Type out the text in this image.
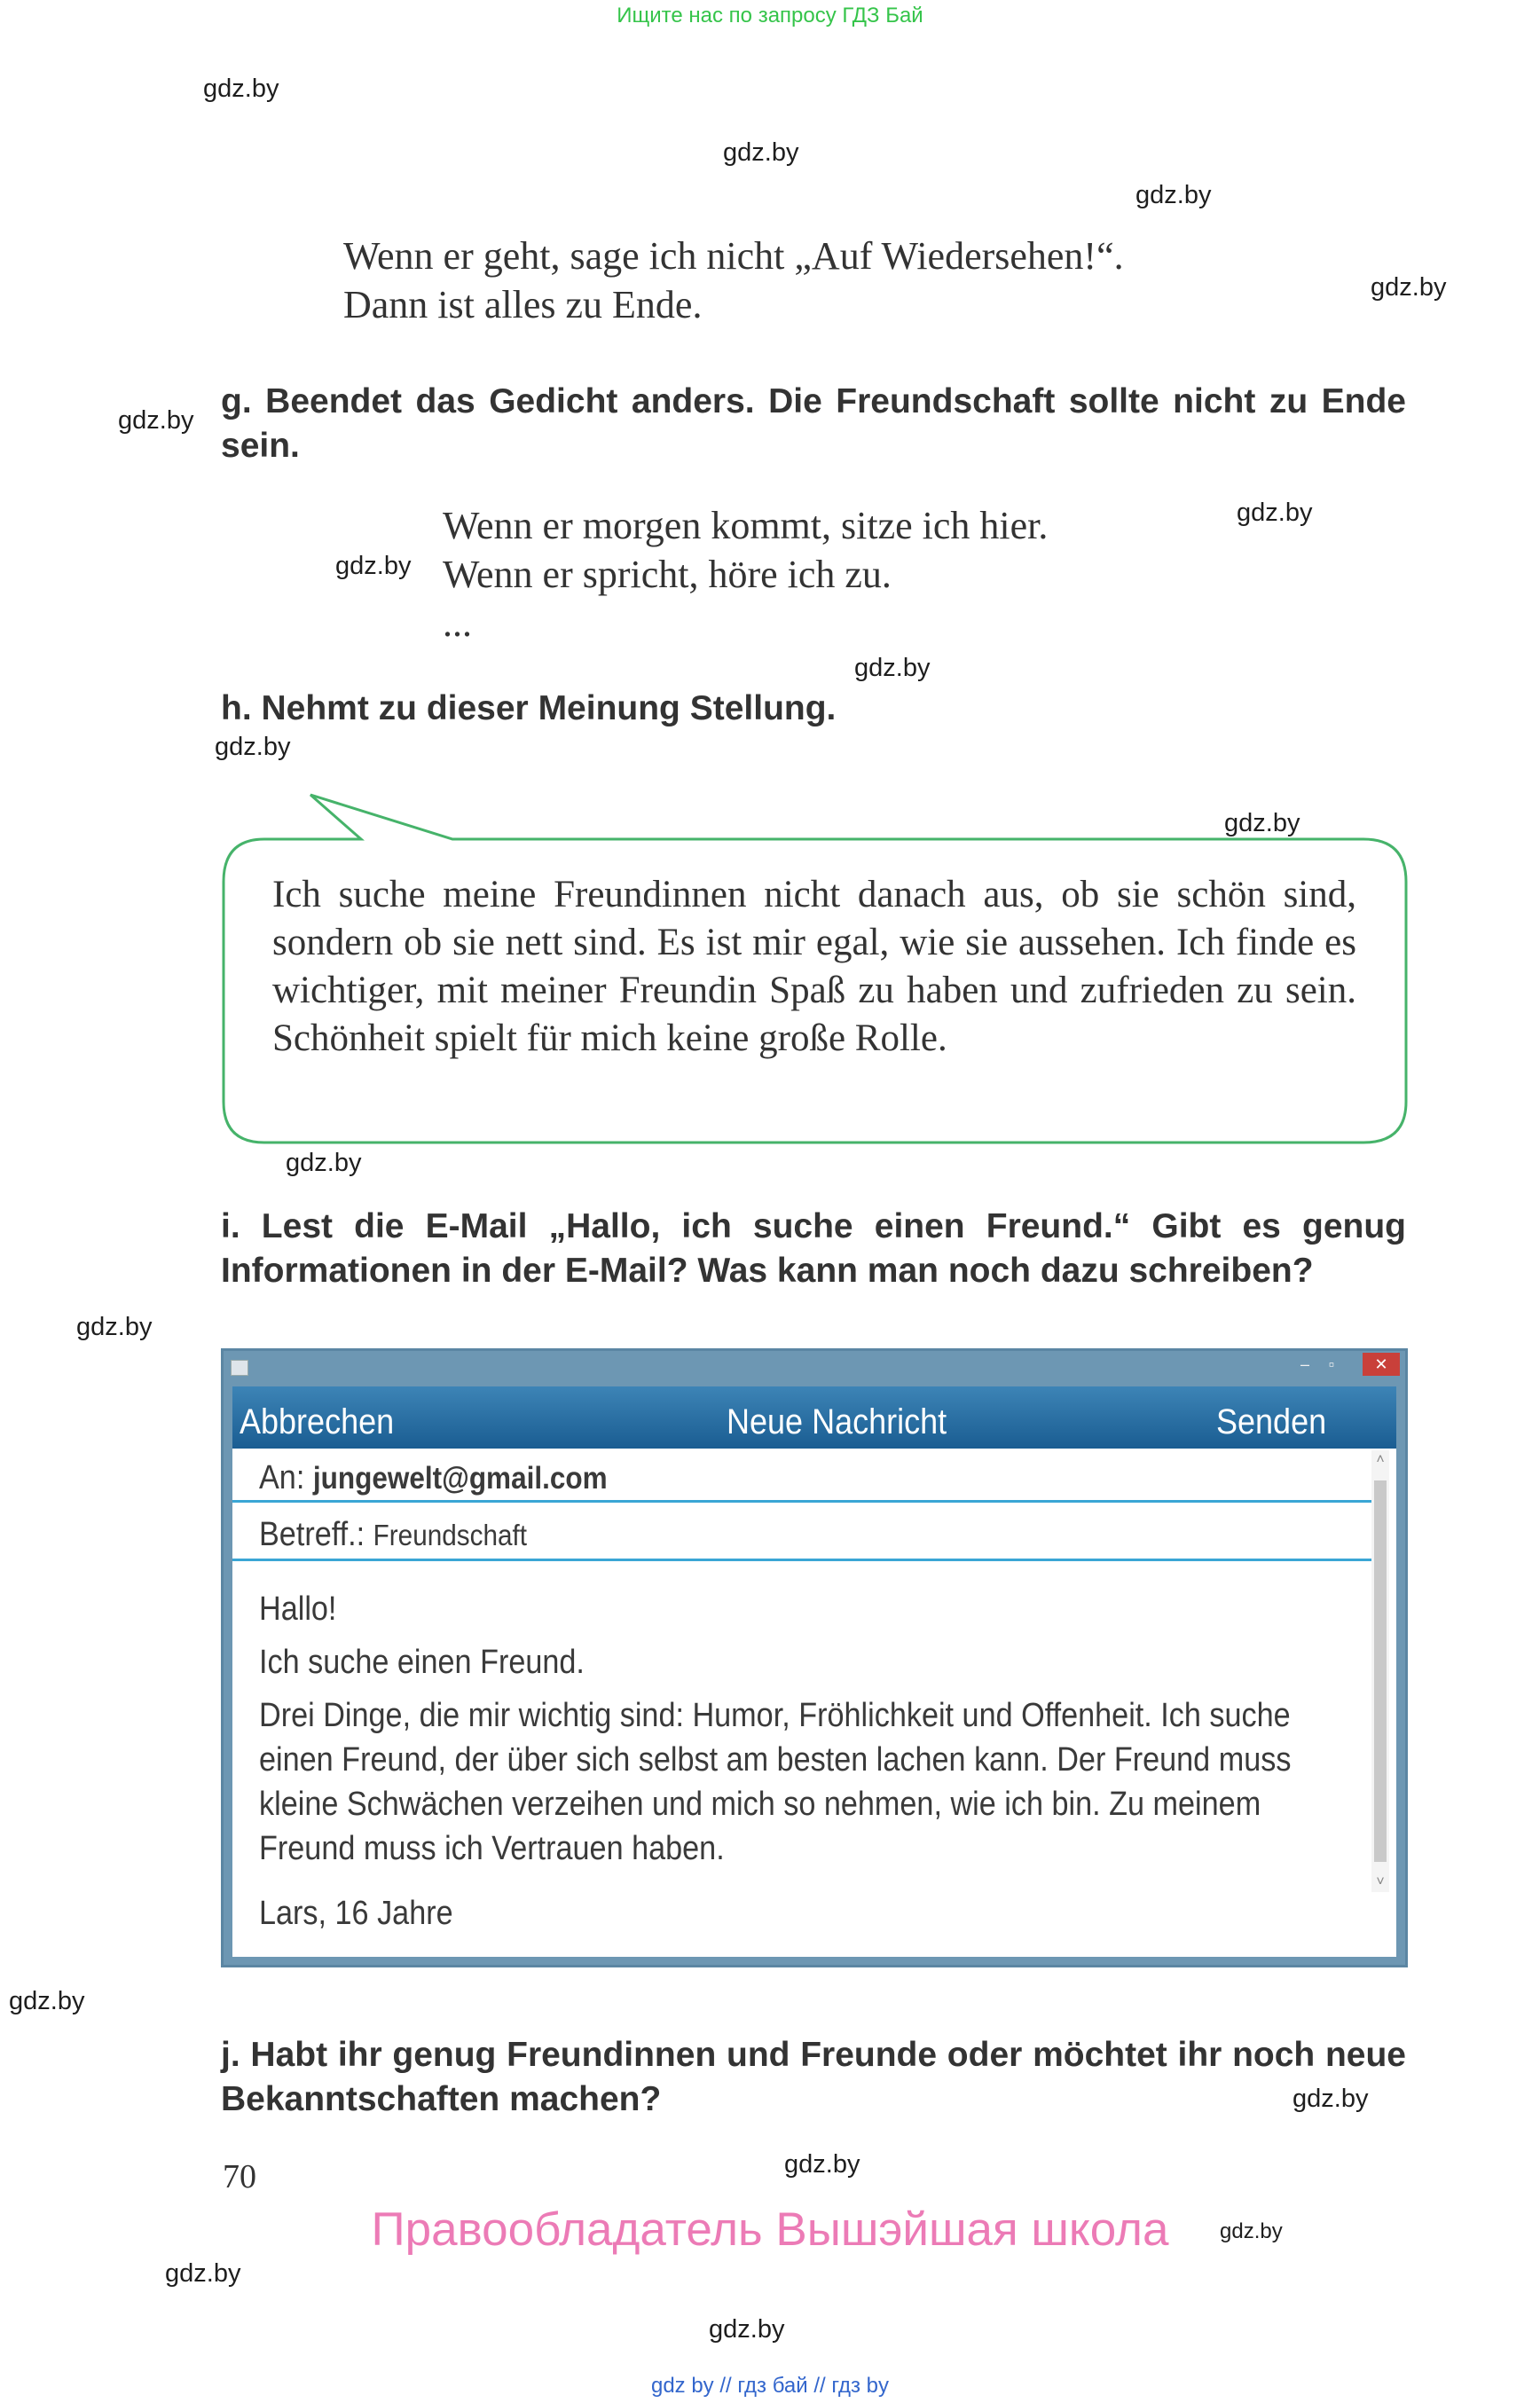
Ищите нас по запросу ГДЗ Бай
gdz.by
gdz.by
gdz.by
gdz.by
gdz.by
gdz.by
gdz.by
gdz.by
gdz.by
gdz.by
gdz.by
gdz.by
gdz.by
gdz.by
gdz.by
gdz.by
gdz.by
gdz.by
Wenn er geht, sage ich nicht „Auf Wiedersehen!“.
Dann ist alles zu Ende.
g. Beendet das Gedicht anders. Die Freundschaft sollte nicht zu Ende sein.
Wenn er morgen kommt, sitze ich hier.
Wenn er spricht, höre ich zu.
...
h. Nehmt zu dieser Meinung Stellung.
Ich suche meine Freundinnen nicht danach aus, ob sie schön sind, sondern ob sie nett sind. Es ist mir egal, wie sie aussehen. Ich finde es wichtiger, mit meiner Freundin Spaß zu haben und zufrieden zu sein. Schönheit spielt für mich keine große Rolle.
i. Lest die E-Mail „Hallo, ich suche einen Freund.“ Gibt es genug Informationen in der E-Mail? Was kann man noch dazu schreiben?
–	▫	✕
Abbrechen	Neue Nachricht	Senden
An: jungewelt@gmail.com
Betreff.: Freundschaft
Hallo!
Ich suche einen Freund.
Drei Dinge, die mir wichtig sind: Humor, Fröhlichkeit und Offenheit. Ich suche
einen Freund, der über sich selbst am besten lachen kann. Der Freund muss
kleine Schwächen verzeihen und mich so nehmen, wie ich bin. Zu meinem
Freund muss ich Vertrauen haben.
Lars, 16 Jahre
˄
˅
j. Habt ihr genug Freundinnen und Freunde oder möchtet ihr noch neue Bekanntschaften machen?
70
Правообладатель Вышэйшая школа
gdz by // гдз бай // гдз by
